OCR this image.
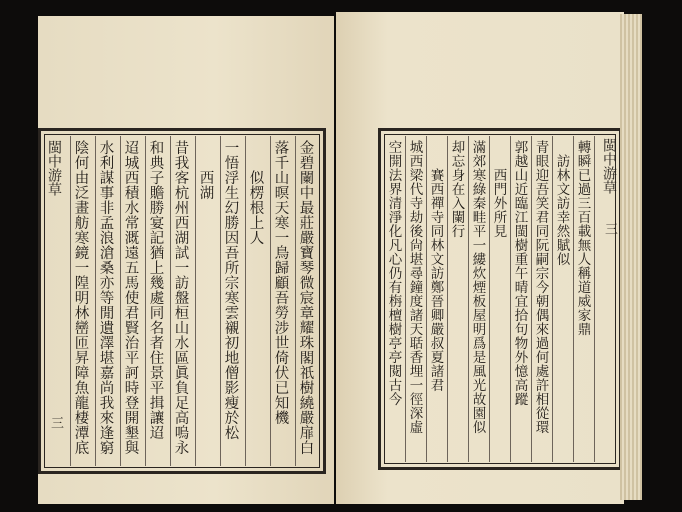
閩中游草
三	金碧闌中最莊嚴寶琴微宸章耀珠閣祇樹繞嚴扉白
落千山暝天寒一鳥歸顧吾勞涉世倚伏已知機
　　似楞根上人
一悟浮生幻勝因吾所宗寒雲襯初地僧影瘦於松
　　西湖
昔我客杭州西湖試一訪盤桓山水區眞負足高嗚永
和典子贍勝宴記猶上幾處同名者住景平揖讓迢
迢城西積水常溉遠五馬使君賢治平訶時登開墾與
水利謀事非孟浪滄桑亦等閒遺澤堪嘉尚我來逢窮
陰何由泛畫舫寒鏡一隍明林巒匝昇障魚龍棲潭底	閩中游草
三
轉瞬已過三百載無人稱道威家鼎
　訪林文訪幸然賦似
青眼迎吾笑君同阮嗣宗今朝偶來過何處許相從環
郭越山近臨江閩樹重午晴宜拾句物外憶高蹤
　　西門外所見
滿郊寒綠秦畦平一縷炊煙板屋明爲是風光故園似
却忘身在入闌行
　　賽西禪寺同林文訪鄭晉卿嚴叔夏諸君
城西梁代寺劫後尙堪尋鐘度諸天聒香埋一徑深虛
空開法界清淨化凡心仍有栴檀樹亭亭閱古今
